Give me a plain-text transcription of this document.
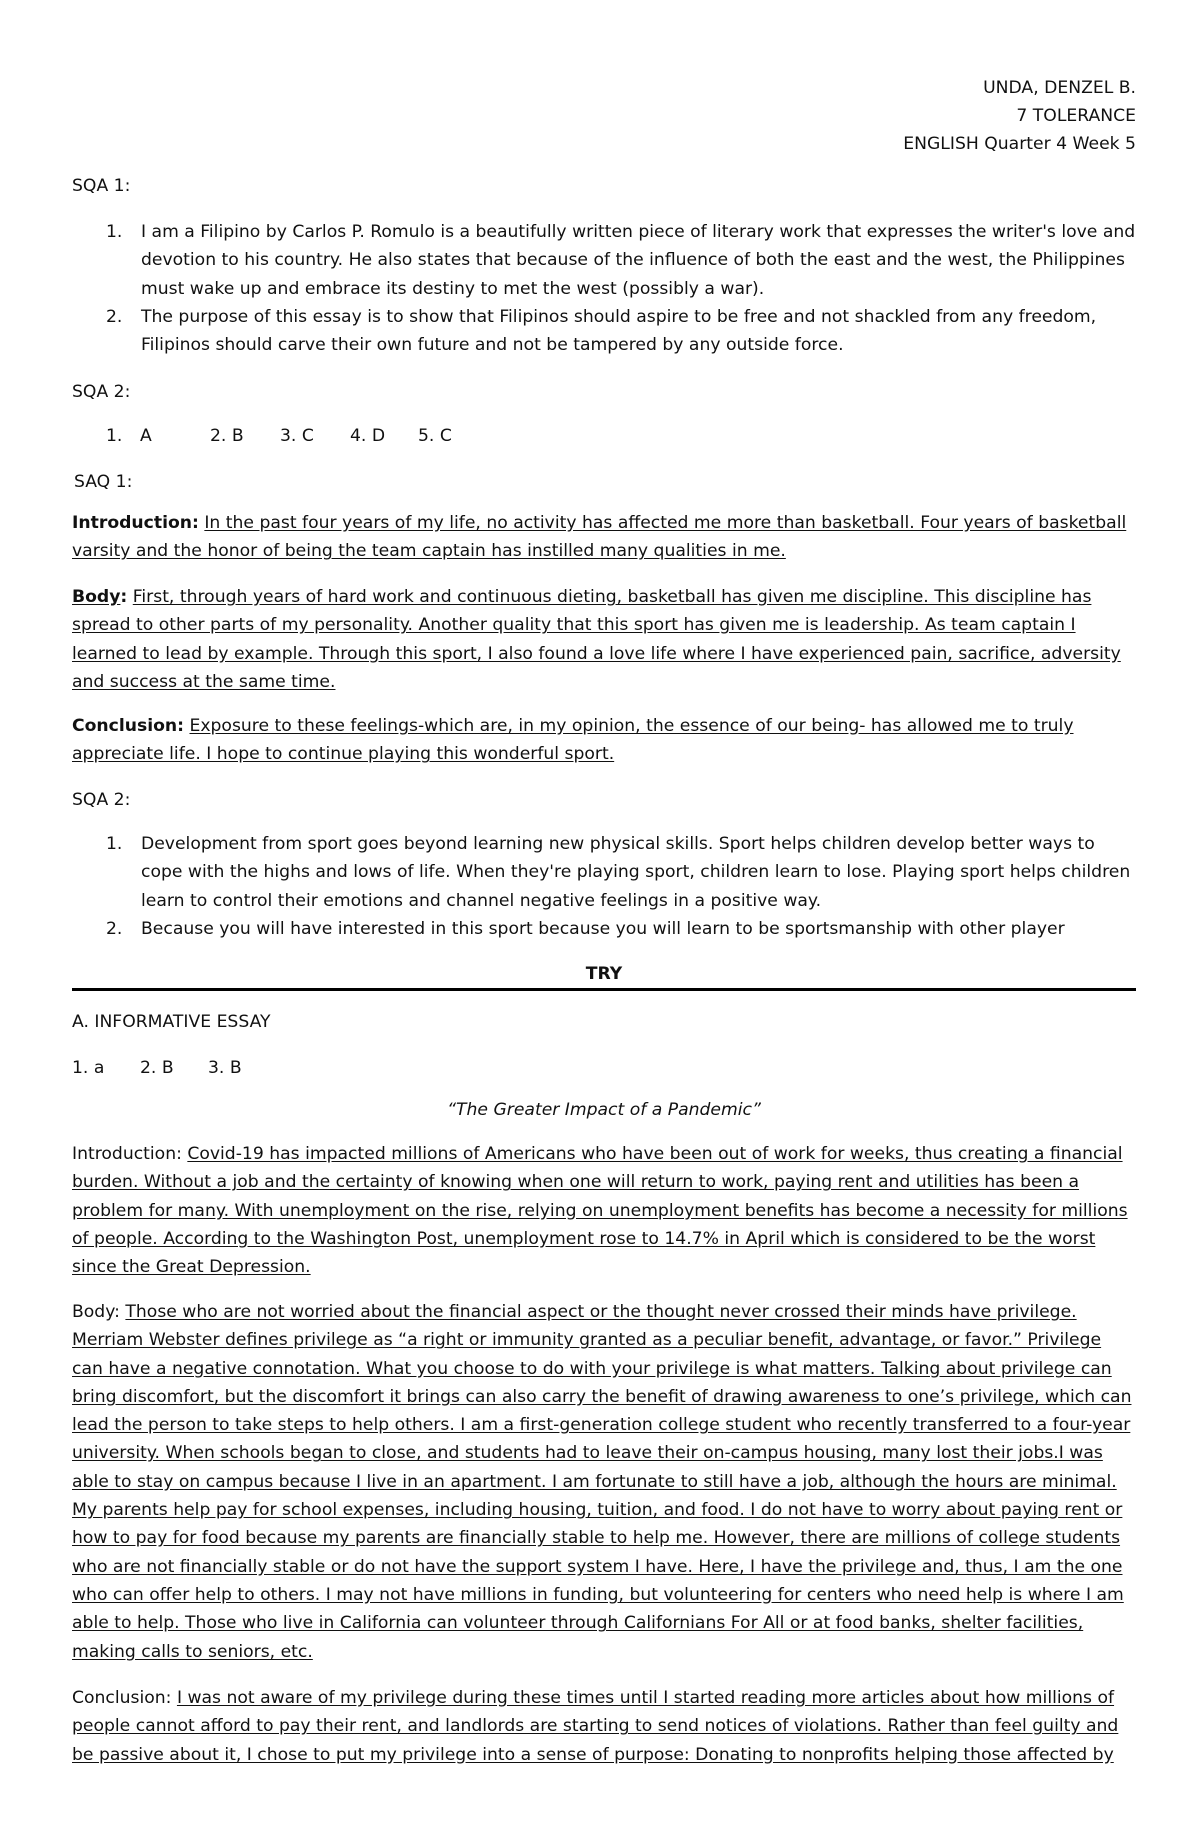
UNDA, DENZEL B.
7 TOLERANCE
ENGLISH Quarter 4 Week 5
SQA 1:
1. I am a Filipino by Carlos P. Romulo is a beautifully written piece of literary work that expresses the writer's love and devotion to his country. He also states that because of the influence of both the east and the west, the Philippines must wake up and embrace its destiny to met the west (possibly a war).
2. The purpose of this essay is to show that Filipinos should aspire to be free and not shackled from any freedom, Filipinos should carve their own future and not be tampered by any outside force.
SQA 2:
1. A	2. B 3. C 4. D 5. C
SAQ 1:
Introduction: In the past four years of my life, no activity has affected me more than basketball. Four years of basketball varsity and the honor of being the team captain has instilled many qualities in me.
Body: First, through years of hard work and continuous dieting, basketball has given me discipline. This discipline has spread to other parts of my personality. Another quality that this sport has given me is leadership. As team captain I learned to lead by example. Through this sport, I also found a love life where I have experienced pain, sacrifice, adversity and success at the same time.
Conclusion: Exposure to these feelings-which are, in my opinion, the essence of our being- has allowed me to truly appreciate life. I hope to continue playing this wonderful sport.
SQA 2:
1. Development from sport goes beyond learning new physical skills. Sport helps children develop better ways to cope with the highs and lows of life. When they're playing sport, children learn to lose. Playing sport helps children learn to control their emotions and channel negative feelings in a positive way.
2. Because you will have interested in this sport because you will learn to be sportsmanship with other player
TRY
A. INFORMATIVE ESSAY
1. a 2. B 3. B
“The Greater Impact of a Pandemic”
Introduction: Covid-19 has impacted millions of Americans who have been out of work for weeks, thus creating a financial burden. Without a job and the certainty of knowing when one will return to work, paying rent and utilities has been a problem for many. With unemployment on the rise, relying on unemployment benefits has become a necessity for millions of people. According to the Washington Post, unemployment rose to 14.7% in April which is considered to be the worst since the Great Depression.
Body: Those who are not worried about the financial aspect or the thought never crossed their minds have privilege. Merriam Webster defines privilege as “a right or immunity granted as a peculiar benefit, advantage, or favor.” Privilege can have a negative connotation. What you choose to do with your privilege is what matters. Talking about privilege can bring discomfort, but the discomfort it brings can also carry the benefit of drawing awareness to one’s privilege, which can lead the person to take steps to help others. I am a first-generation college student who recently transferred to a four-year university. When schools began to close, and students had to leave their on-campus housing, many lost their jobs.I was able to stay on campus because I live in an apartment. I am fortunate to still have a job, although the hours are minimal. My parents help pay for school expenses, including housing, tuition, and food. I do not have to worry about paying rent or how to pay for food because my parents are financially stable to help me. However, there are millions of college students who are not financially stable or do not have the support system I have. Here, I have the privilege and, thus, I am the one who can offer help to others. I may not have millions in funding, but volunteering for centers who need help is where I am able to help. Those who live in California can volunteer through Californians For All or at food banks, shelter facilities, making calls to seniors, etc.
Conclusion: I was not aware of my privilege during these times until I started reading more articles about how millions of people cannot afford to pay their rent, and landlords are starting to send notices of violations. Rather than feel guilty and be passive about it, I chose to put my privilege into a sense of purpose: Donating to nonprofits helping those affected by
